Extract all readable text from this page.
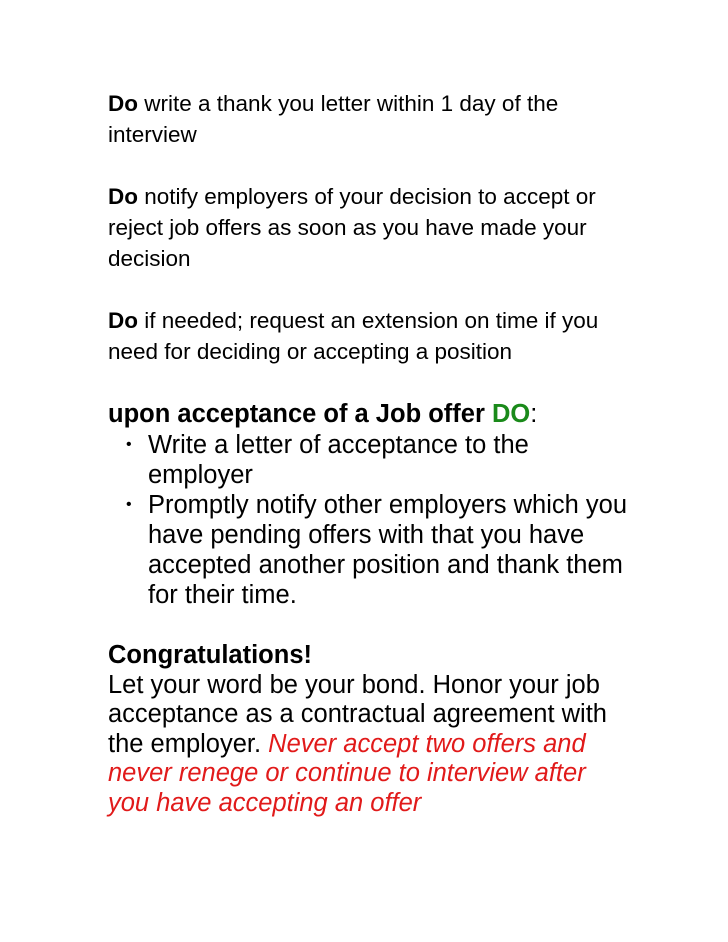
Do write a thank you letter within 1 day of the interview

Do notify employers of your decision to accept or reject job offers as soon as you have made your decision

Do if needed; request an extension on time if you need for deciding or accepting a position

upon acceptance of a Job offer DO:

• Write a letter of acceptance to the employer
• Promptly notify other employers which you have pending offers with that you have accepted another position and thank them for their time.

Congratulations!
Let your word be your bond. Honor your job acceptance as a contractual agreement with the employer. Never accept two offers and never renege or continue to interview after you have accepting an offer
